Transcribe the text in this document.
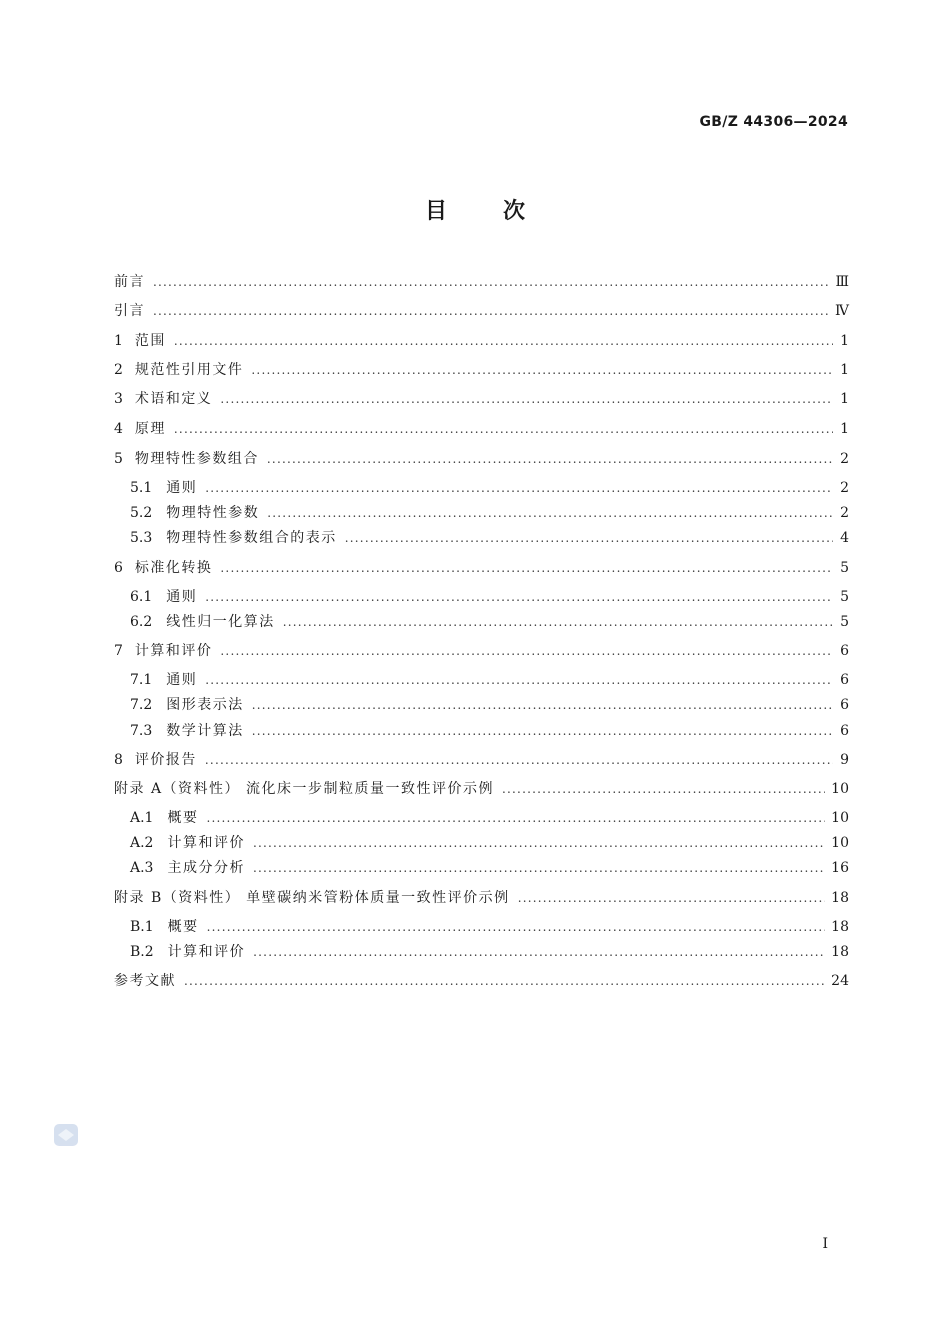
GB/Z 44306—2024
目次
前言 .....	Ⅲ
引言 .....	Ⅳ
1 范围 .....	1
2 规范性引用文件 .....	1
3 术语和定义 .....	1
4 原理 .....	1
5 物理特性参数组合 .....	2
5.1 通则 .....	2
5.2 物理特性参数 .....	2
5.3 物理特性参数组合的表示 .....	4
6 标准化转换 .....	5
6.1 通则 .....	5
6.2 线性归一化算法 .....	5
7 计算和评价 .....	6
7.1 通则 .....	6
7.2 图形表示法 .....	6
7.3 数学计算法 .....	6
8 评价报告 .....	9
附录 A（资料性） 流化床一步制粒质量一致性评价示例 .....	10
A.1 概要 .....	10
A.2 计算和评价 .....	10
A.3 主成分分析 .....	16
附录 B（资料性） 单壁碳纳米管粉体质量一致性评价示例 .....	18
B.1 概要 .....	18
B.2 计算和评价 .....	18
参考文献 .....	24
I
